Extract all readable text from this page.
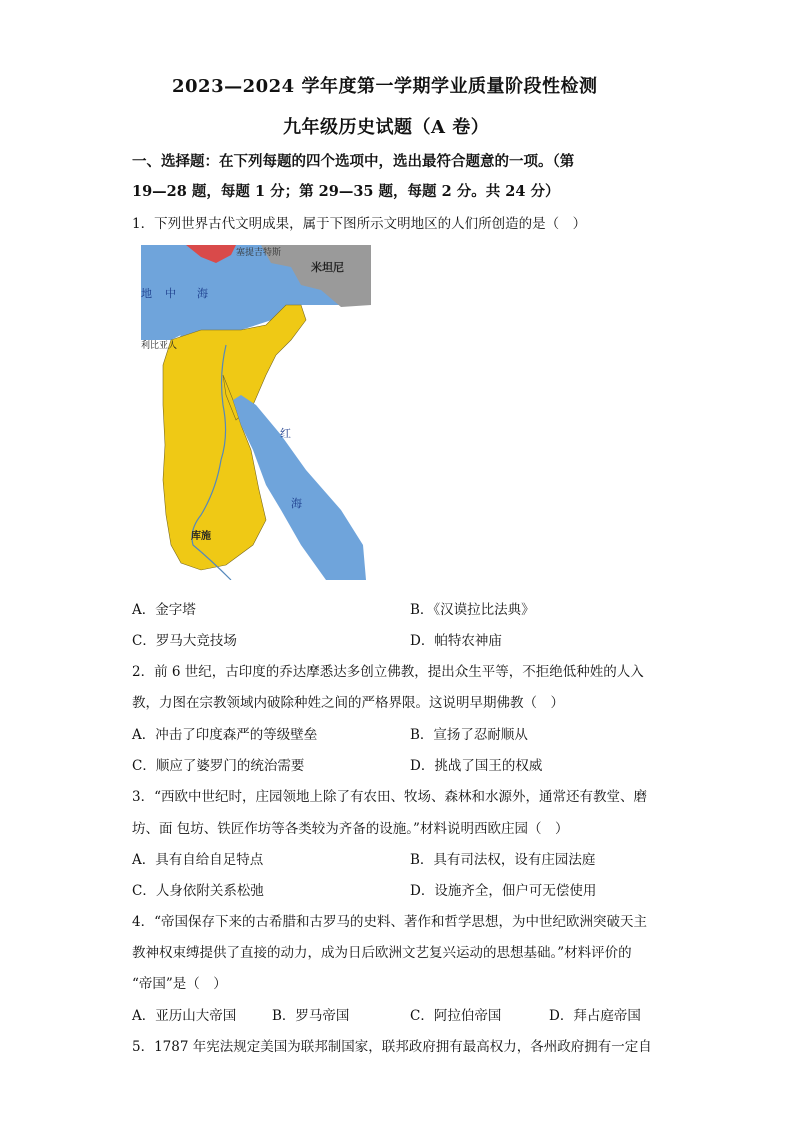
2023—2024 学年度第一学期学业质量阶段性检测
九年级历史试题（A 卷）
一、选择题：在下列每题的四个选项中，选出最符合题意的一项。（第
19—28 题，每题 1 分；第 29—35 题，每题 2 分。共 24 分）
1．下列世界古代文明成果，属于下图所示文明地区的人们所创造的是（　）
塞提吉特斯
米坦尼
地 中 海
利比亚人
红
海
库施
A．金字塔	B．《汉谟拉比法典》
C．罗马大竞技场	D．帕特农神庙
2．前 6 世纪，古印度的乔达摩悉达多创立佛教，提出众生平等，不拒绝低种姓的人入
教，力图在宗教领域内破除种姓之间的严格界限。这说明早期佛教（　）
A．冲击了印度森严的等级壁垒	B．宣扬了忍耐顺从
C．顺应了婆罗门的统治需要	D．挑战了国王的权威
3．“西欧中世纪时，庄园领地上除了有农田、牧场、森林和水源外，通常还有教堂、磨
坊、面 包坊、铁匠作坊等各类较为齐备的设施。”材料说明西欧庄园（　）
A．具有自给自足特点	B．具有司法权，设有庄园法庭
C．人身依附关系松弛	D．设施齐全，佃户可无偿使用
4．“帝国保存下来的古希腊和古罗马的史料、著作和哲学思想，为中世纪欧洲突破天主
教神权束缚提供了直接的动力，成为日后欧洲文艺复兴运动的思想基础。”材料评价的
“帝国”是（　）
A．亚历山大帝国	B．罗马帝国	C．阿拉伯帝国	D．拜占庭帝国
5．1787 年宪法规定美国为联邦制国家，联邦政府拥有最高权力，各州政府拥有一定自
